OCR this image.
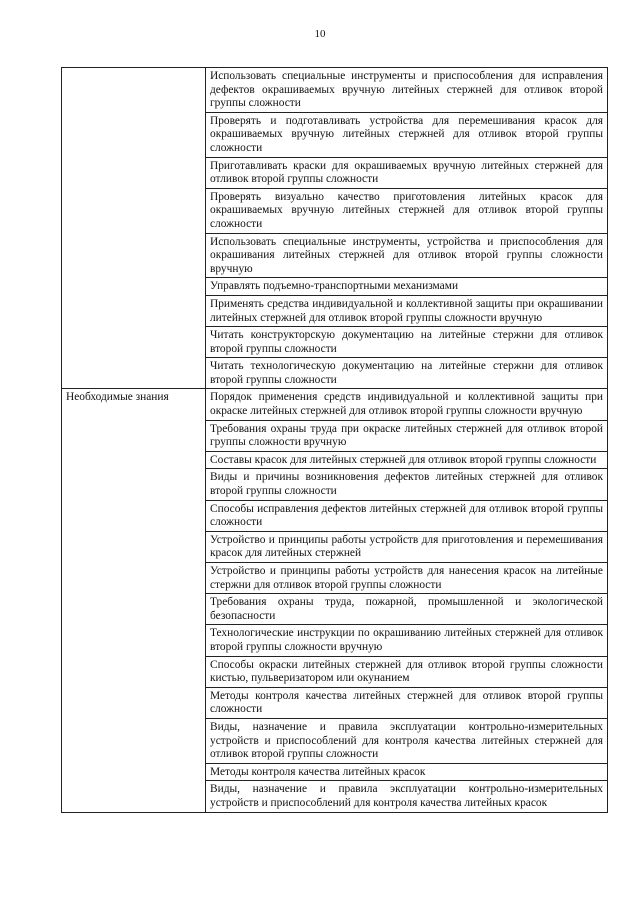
10
	Использовать специальные инструменты и приспособления для исправления дефектов окрашиваемых вручную литейных стержней для отливок второй группы сложности
	Проверять и подготавливать устройства для перемешивания красок для окрашиваемых вручную литейных стержней для отливок второй группы сложности
	Приготавливать краски для окрашиваемых вручную литейных стержней для отливок второй группы сложности
	Проверять визуально качество приготовления литейных красок для окрашиваемых вручную литейных стержней для отливок второй группы сложности
	Использовать специальные инструменты, устройства и приспособления для окрашивания литейных стержней для отливок второй группы сложности вручную
	Управлять подъемно-транспортными механизмами
	Применять средства индивидуальной и коллективной защиты при окрашивании литейных стержней для отливок второй группы сложности вручную
	Читать конструкторскую документацию на литейные стержни для отливок второй группы сложности
	Читать технологическую документацию на литейные стержни для отливок второй группы сложности

Необходимые знания	Порядок применения средств индивидуальной и коллективной защиты при окраске литейных стержней для отливок второй группы сложности вручную
	Требования охраны труда при окраске литейных стержней для отливок второй группы сложности вручную
	Составы красок для литейных стержней для отливок второй группы сложности
	Виды и причины возникновения дефектов литейных стержней для отливок второй группы сложности
	Способы исправления дефектов литейных стержней для отливок второй группы сложности
	Устройство и принципы работы устройств для приготовления и перемешивания красок для литейных стержней
	Устройство и принципы работы устройств для нанесения красок на литейные стержни для отливок второй группы сложности
	Требования охраны труда, пожарной, промышленной и экологической безопасности
	Технологические инструкции по окрашиванию литейных стержней для отливок второй группы сложности вручную
	Способы окраски литейных стержней для отливок второй группы сложности кистью, пульверизатором или окунанием
	Методы контроля качества литейных стержней для отливок второй группы сложности
	Виды, назначение и правила эксплуатации контрольно-измерительных устройств и приспособлений для контроля качества литейных стержней для отливок второй группы сложности
	Методы контроля качества литейных красок
	Виды, назначение и правила эксплуатации контрольно-измерительных устройств и приспособлений для контроля качества литейных красок
